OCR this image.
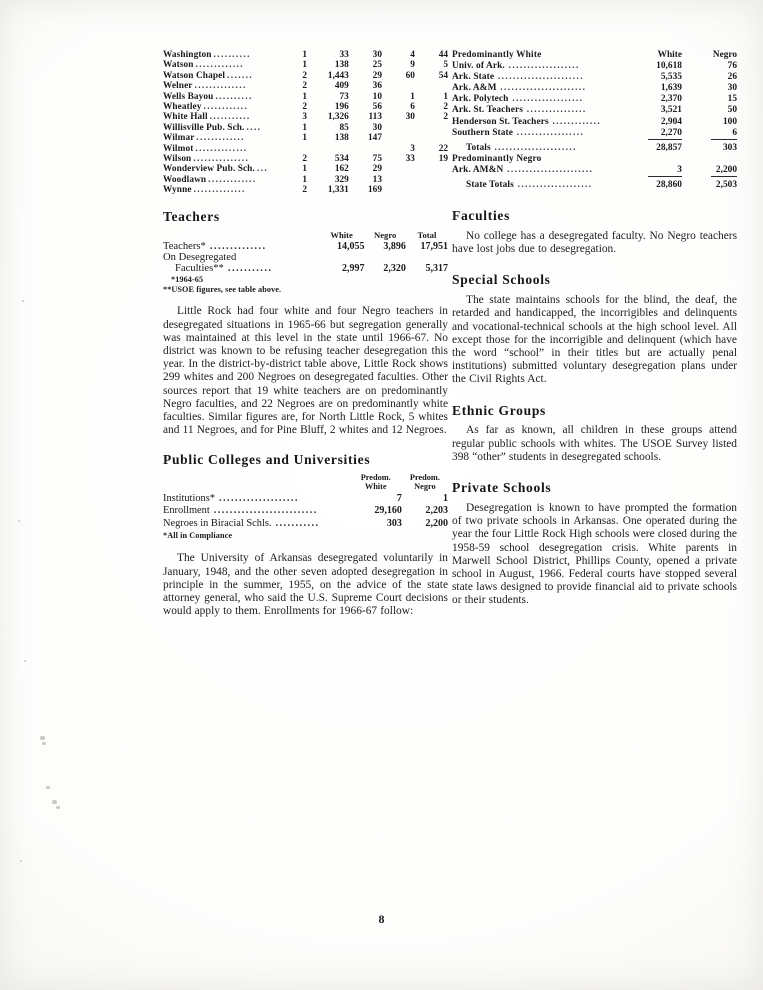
Washington ..........	1	33	30	4	44
Watson .............	1	138	25	9	5
Watson Chapel .......	2	1,443	29	60	54
Welner ..............	2	409	36		
Wells Bayou ..........	1	73	10	1	1
Wheatley ............	2	196	56	6	2
White Hall ...........	3	1,326	113	30	2
Willisville Pub. Sch. ....	1	85	30		
Wilmar .............	1	138	147		
Wilmot ..............				3	22
Wilson ...............	2	534	75	33	19
Wonderview Pub. Sch. ...	1	162	29		
Woodlawn .............	1	329	13		
Wynne ..............	2	1,331	169		
Teachers
	White	Negro	Total
Teachers* ..............	14,055	3,896	17,951
On Desegregated			
Faculties** ...........	2,997	2,320	5,317

*1964-65

**USOE figures, see table above.

Little Rock had four white and four Negro teachers in desegregated situations in 1965-66 but segregation generally was maintained at this level in the state until 1966-67. No district was known to be refusing teacher desegregation this year. In the district-by-district table above, Little Rock shows 299 whites and 200 Negroes on desegregated faculties. Other sources report that 19 white teachers are on predominantly Negro faculties, and 22 Negroes are on predominantly white faculties. Similar figures are, for North Little Rock, 5 whites and 11 Negroes, and for Pine Bluff, 2 whites and 12 Negroes.

Public Colleges and Universities

Predom.
White

Predom.
Negro

Institutions* ....................	7	1
Enrollment ..........................	29,160	2,203
Negroes in Biracial Schls. ...........	303	2,200

*All in Compliance

The University of Arkansas desegregated voluntarily in January, 1948, and the other seven adopted desegregation in principle in the summer, 1955, on the advice of the state attorney general, who said the U.S. Supreme Court decisions would apply to them. Enrollments for 1966-67 follow:

Predominantly White	White	Negro
Univ. of Ark. ...................	10,618	76
Ark. State .......................	5,535	26
Ark. A&M .......................	1,639	30
Ark. Polytech ...................	2,370	15
Ark. St. Teachers ................	3,521	50
Henderson St. Teachers .............	2,904	100
Southern State ..................	2,270	6

Totals ......................	28,857	303
Predominantly Negro		
Ark. AM&N .......................	3	2,200

State Totals ....................	28,860	2,503
Faculties

No college has a desegregated faculty. No Negro teachers have lost jobs due to desegregation.

Special Schools

The state maintains schools for the blind, the deaf, the retarded and handicapped, the incorrigibles and delinquents and vocational-technical schools at the high school level. All except those for the incorrigible and delinquent (which have the word “school” in their titles but are actually penal institutions) submitted voluntary desegregation plans under the Civil Rights Act.

Ethnic Groups

As far as known, all children in these groups attend regular public schools with whites. The USOE Survey listed 398 “other” students in desegregated schools.

Private Schools

Desegregation is known to have prompted the formation of two private schools in Arkansas. One operated during the year the four Little Rock High schools were closed during the 1958-59 school desegregation crisis. White parents in Marwell School District, Phillips County, opened a private school in August, 1966. Federal courts have stopped several state laws designed to provide financial aid to private schools or their students.

8
